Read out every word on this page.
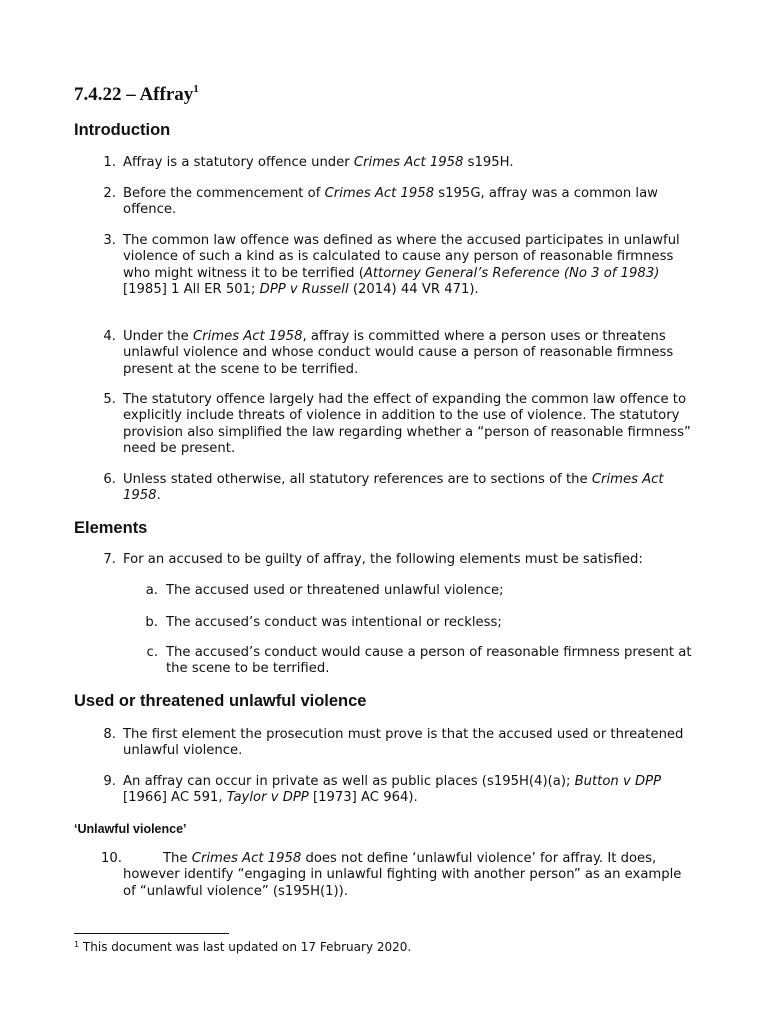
7.4.22 – Affray$^1$
Introduction
1. Affray is a statutory offence under Crimes Act 1958 s195H.
2. Before the commencement of Crimes Act 1958 s195G, affray was a common law offence.
3. The common law offence was defined as where the accused participates in unlawful violence of such a kind as is calculated to cause any person of reasonable firmness who might witness it to be terrified (Attorney General’s Reference (No 3 of 1983) [1985] 1 All ER 501; DPP v Russell (2014) 44 VR 471).
4. Under the Crimes Act 1958, affray is committed where a person uses or threatens unlawful violence and whose conduct would cause a person of reasonable firmness present at the scene to be terrified.
5. The statutory offence largely had the effect of expanding the common law offence to explicitly include threats of violence in addition to the use of violence. The statutory provision also simplified the law regarding whether a “person of reasonable firmness” need be present.
6. Unless stated otherwise, all statutory references are to sections of the Crimes Act 1958.
Elements
7. For an accused to be guilty of affray, the following elements must be satisfied:
a. The accused used or threatened unlawful violence;
b. The accused’s conduct was intentional or reckless;
c. The accused’s conduct would cause a person of reasonable firmness present at the scene to be terrified.
Used or threatened unlawful violence
8. The first element the prosecution must prove is that the accused used or threatened unlawful violence.
9. An affray can occur in private as well as public places (s195H(4)(a); Button v DPP [1966] AC 591, Taylor v DPP [1973] AC 964).
‘Unlawful violence’
10.	The Crimes Act 1958 does not define ‘unlawful violence’ for affray. It does, however identify “engaging in unlawful fighting with another person” as an example of “unlawful violence” (s195H(1)).
$^1$ This document was last updated on 17 February 2020.
